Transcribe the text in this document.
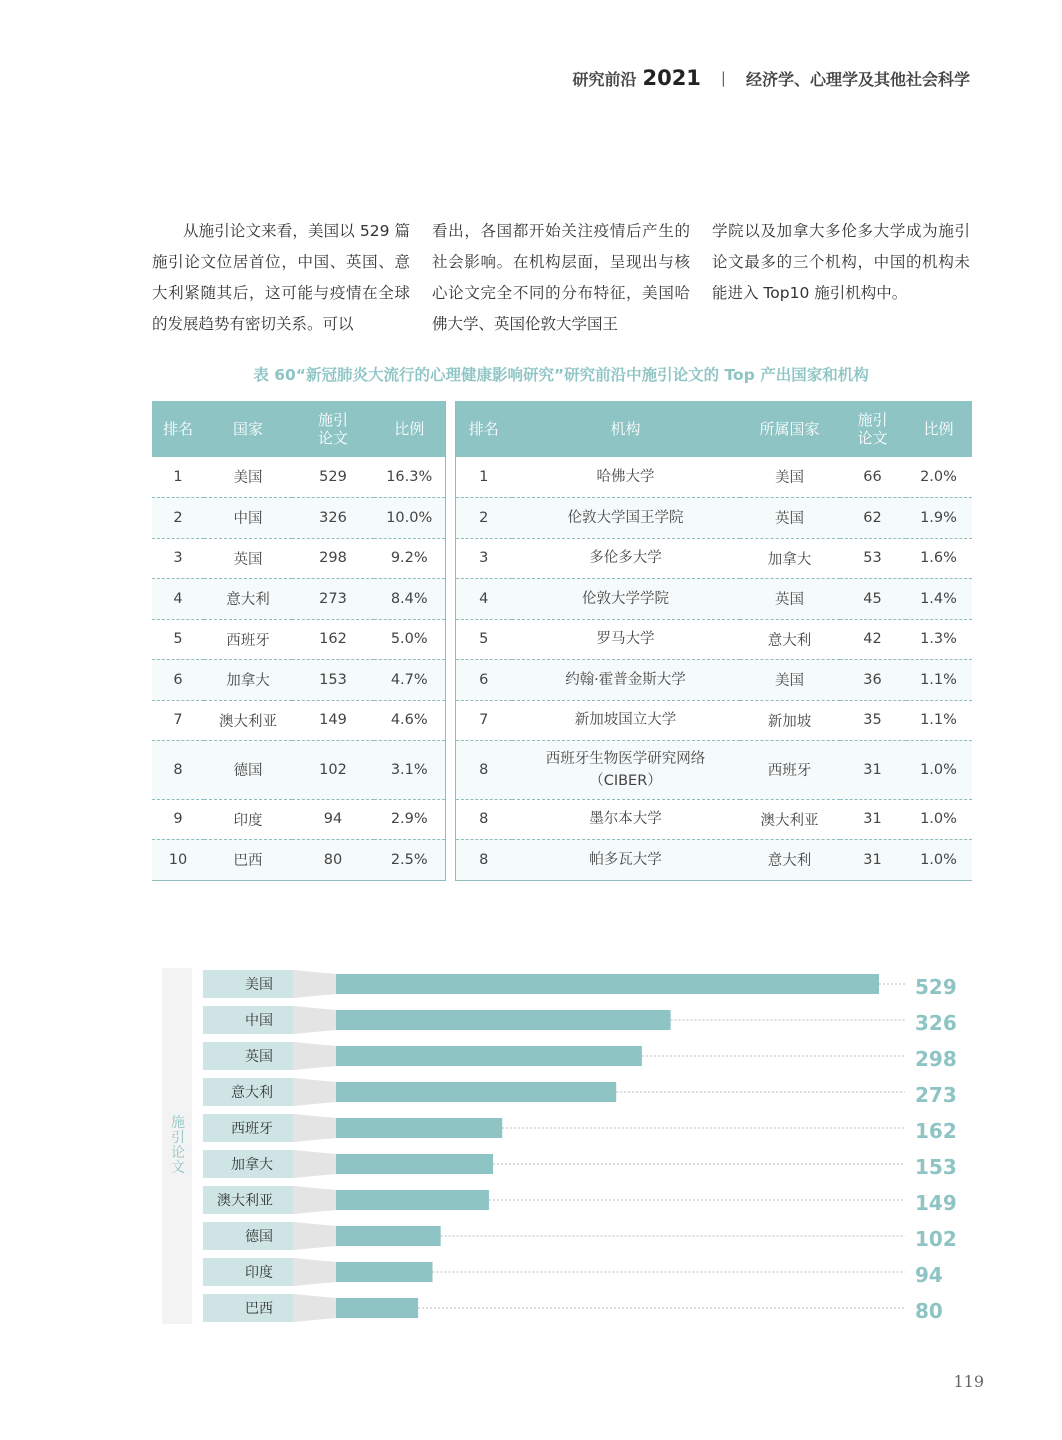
研究前沿 2021 | 经济学、心理学及其他社会科学
从施引论文来看，美国以 529 篇施引论文位居首位，中国、英国、意大利紧随其后，这可能与疫情在全球的发展趋势有密切关系。可以
看出，各国都开始关注疫情后产生的社会影响。在机构层面，呈现出与核心论文完全不同的分布特征，美国哈佛大学、英国伦敦大学国王
学院以及加拿大多伦多大学成为施引论文最多的三个机构，中国的机构未能进入 Top10 施引机构中。
表 60“新冠肺炎大流行的心理健康影响研究”研究前沿中施引论文的 Top 产出国家和机构
排名	国家	施引
论文	比例
1	美国	529	16.3%
2	中国	326	10.0%
3	英国	298	9.2%
4	意大利	273	8.4%
5	西班牙	162	5.0%
6	加拿大	153	4.7%
7	澳大利亚	149	4.6%
8	德国	102	3.1%
9	印度	94	2.9%
10	巴西	80	2.5%
排名	机构	所属国家	施引
论文	比例
1	哈佛大学	美国	66	2.0%
2	伦敦大学国王学院	英国	62	1.9%
3	多伦多大学	加拿大	53	1.6%
4	伦敦大学学院	英国	45	1.4%
5	罗马大学	意大利	42	1.3%
6	约翰·霍普金斯大学	美国	36	1.1%
7	新加坡国立大学	新加坡	35	1.1%
8	西班牙生物医学研究网络
（CIBER）	西班牙	31	1.0%
8	墨尔本大学	澳大利亚	31	1.0%
8	帕多瓦大学	意大利	31	1.0%
美国	529
中国	326
英国	298
意大利	273
西班牙	162
加拿大	153
澳大利亚	149
德国	102
印度	94
巴西	80
施
引
论
文
119
